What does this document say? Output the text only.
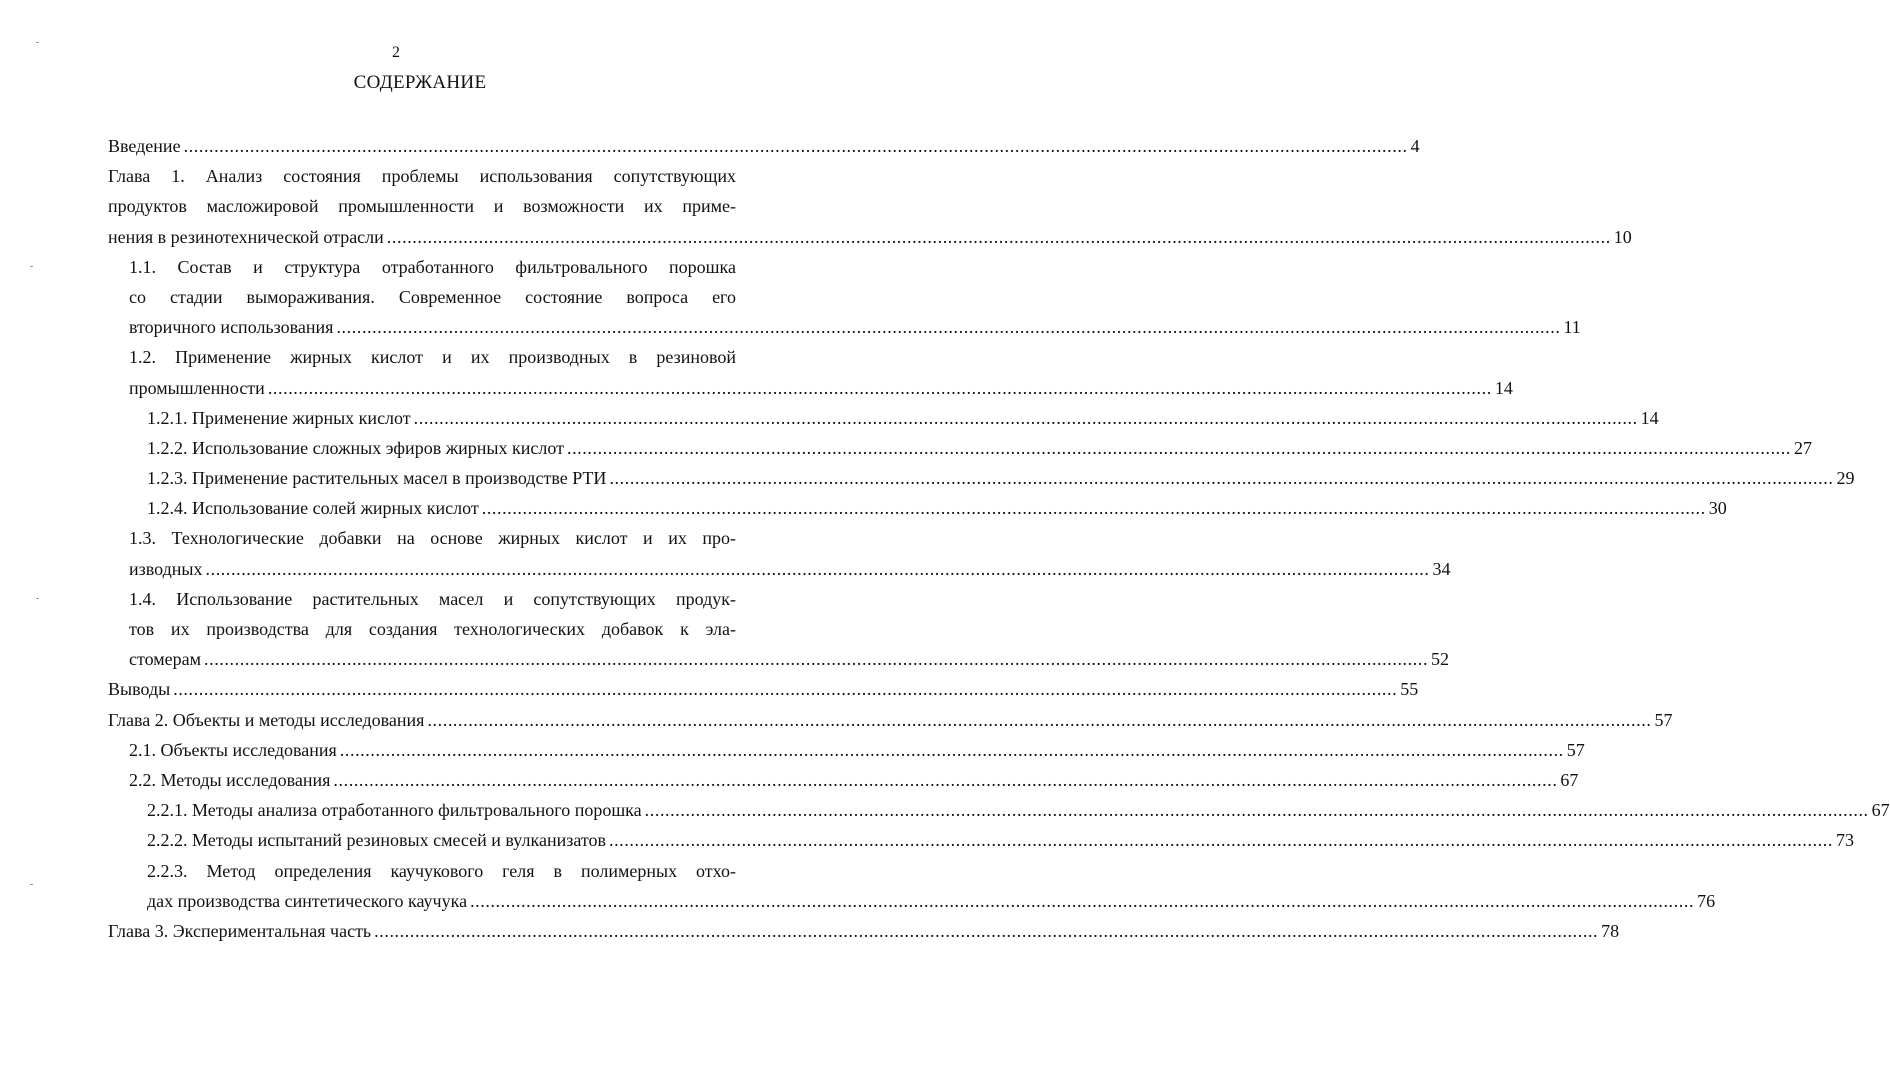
2
СОДЕРЖАНИЕ
Введение ................................................................................................................................................................................................................................................ 4
Глава 1. Анализ состояния проблемы использования сопутствующих
продуктов масложировой промышленности и возможности их приме-
нения в резинотехнической отрасли ................................................................................................................................................................................................................................................ 10
1.1. Состав и структура отработанного фильтровального порошка
со стадии вымораживания. Современное состояние вопроса его
вторичного использования ................................................................................................................................................................................................................................................ 11
1.2. Применение жирных кислот и их производных в резиновой
промышленности ................................................................................................................................................................................................................................................ 14
1.2.1. Применение жирных кислот ................................................................................................................................................................................................................................................ 14
1.2.2. Использование сложных эфиров жирных кислот ................................................................................................................................................................................................................................................ 27
1.2.3. Применение растительных масел в производстве РТИ ................................................................................................................................................................................................................................................ 29
1.2.4. Использование солей жирных кислот ................................................................................................................................................................................................................................................ 30
1.3. Технологические добавки на основе жирных кислот и их про-
изводных ................................................................................................................................................................................................................................................ 34
1.4. Использование растительных масел и сопутствующих продук-
тов их производства для создания технологических добавок к эла-
стомерам ................................................................................................................................................................................................................................................ 52
Выводы ................................................................................................................................................................................................................................................ 55
Глава 2. Объекты и методы исследования ................................................................................................................................................................................................................................................ 57
2.1. Объекты исследования ................................................................................................................................................................................................................................................ 57
2.2. Методы исследования ................................................................................................................................................................................................................................................ 67
2.2.1. Методы анализа отработанного фильтровального порошка ................................................................................................................................................................................................................................................ 67
2.2.2. Методы испытаний резиновых смесей и вулканизатов ................................................................................................................................................................................................................................................ 73
2.2.3. Метод определения каучукового геля в полимерных отхо-
дах производства синтетического каучука ................................................................................................................................................................................................................................................ 76
Глава 3. Экспериментальная часть ................................................................................................................................................................................................................................................ 78
